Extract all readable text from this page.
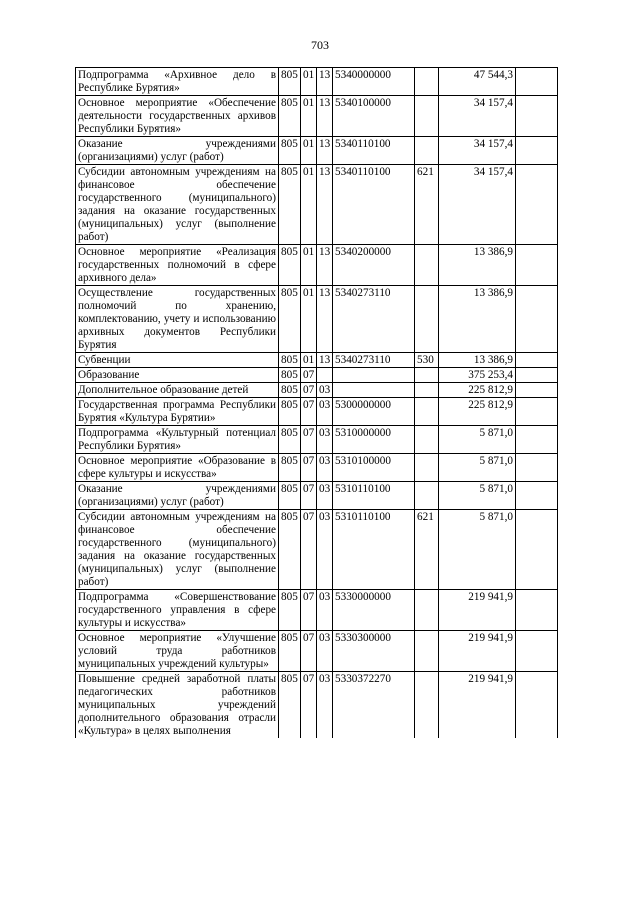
703
Подпрограмма «Архивное дело в Республике Бурятия»	805	01	13	5340000000		47 544,3	
Основное мероприятие «Обеспечение деятельности государственных архивов Республики Бурятия»	805	01	13	5340100000		34 157,4	
Оказание учреждениями (организациями) услуг (работ)	805	01	13	5340110100		34 157,4	
Субсидии автономным учреждениям на финансовое обеспечение государственного (муниципального) задания на оказание государственных (муниципальных) услуг (выполнение работ)	805	01	13	5340110100	621	34 157,4	
Основное мероприятие «Реализация государственных полномочий в сфере архивного дела»	805	01	13	5340200000		13 386,9	
Осуществление государственных полномочий по хранению, комплектованию, учету и использованию архивных документов Республики Бурятия	805	01	13	5340273110		13 386,9	
Субвенции	805	01	13	5340273110	530	13 386,9	
Образование	805	07				375 253,4	
Дополнительное образование детей	805	07	03			225 812,9	
Государственная программа Республики Бурятия «Культура Бурятии»	805	07	03	5300000000		225 812,9	
Подпрограмма «Культурный потенциал Республики Бурятия»	805	07	03	5310000000		5 871,0	
Основное мероприятие «Образование в сфере культуры и искусства»	805	07	03	5310100000		5 871,0	
Оказание учреждениями (организациями) услуг (работ)	805	07	03	5310110100		5 871,0	
Субсидии автономным учреждениям на финансовое обеспечение государственного (муниципального) задания на оказание государственных (муниципальных) услуг (выполнение работ)	805	07	03	5310110100	621	5 871,0	
Подпрограмма «Совершенствование государственного управления в сфере культуры и искусства»	805	07	03	5330000000		219 941,9	
Основное мероприятие «Улучшение условий труда работников муниципальных учреждений культуры»	805	07	03	5330300000		219 941,9	
Повышение средней заработной платы педагогических работников муниципальных учреждений дополнительного образования отрасли «Культура» в целях выполнения	805	07	03	5330372270		219 941,9	
